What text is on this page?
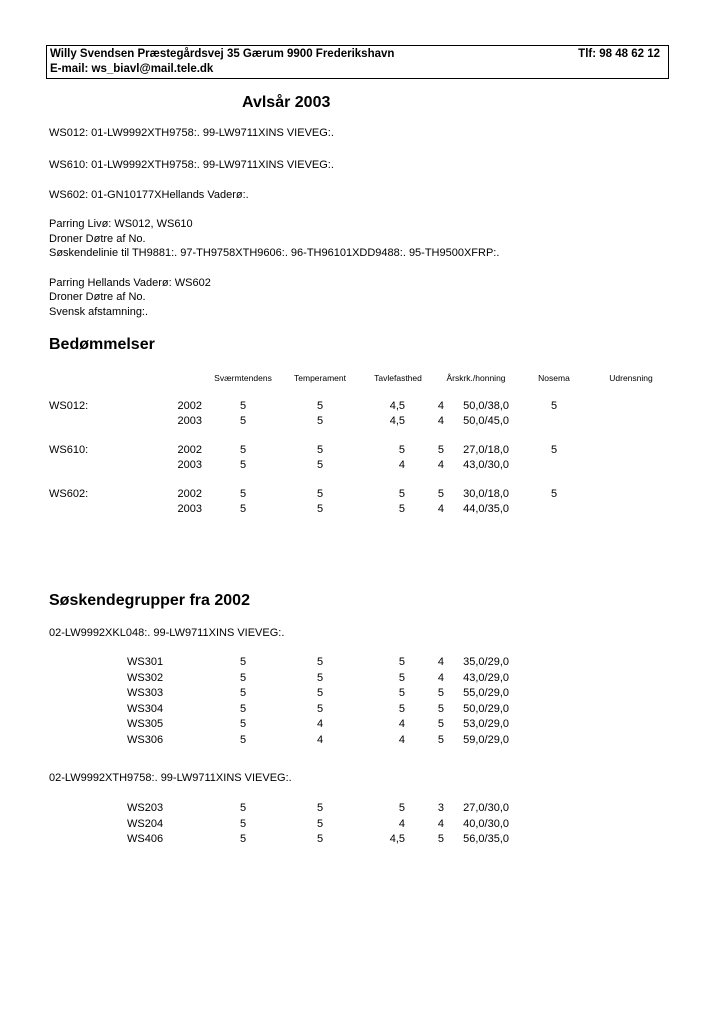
Willy Svendsen Præstegårdsvej 35 Gærum 9900 Frederikshavn	Tlf: 98 48 62 12
E-mail: ws_biavl@mail.tele.dk
Avlsår 2003
WS012: 01-LW9992XTH9758:. 99-LW9711XINS VIEVEG:.
WS610: 01-LW9992XTH9758:. 99-LW9711XINS VIEVEG:.
WS602: 01-GN10177XHellands Vaderø:.
Parring Livø: WS012, WS610
Droner Døtre af No.
Søskendelinie til TH9881:. 97-TH9758XTH9606:. 96-TH96101XDD9488:. 95-TH9500XFRP:.
Parring Hellands Vaderø: WS602
Droner Døtre af No.
Svensk afstamning:.
Bedømmelser
Sværmtendens	Temperament	Tavlefasthed	Årskrk./honning	Nosema	Udrensning
WS012:	2002	5	5	4,5	4 50,0/38,0	5
2003	5	5	4,5	4 50,0/45,0
WS610:	2002	5	5	5	5 27,0/18,0	5
2003	5	5	4	4 43,0/30,0
WS602:	2002	5	5	5	5 30,0/18,0	5
2003	5	5	5	4 44,0/35,0
Søskendegrupper fra 2002
02-LW9992XKL048:. 99-LW9711XINS VIEVEG:.
WS301	5	5	5	4 35,0/29,0
WS302	5	5	5	4 43,0/29,0
WS303	5	5	5	5 55,0/29,0
WS304	5	5	5	5 50,0/29,0
WS305	5	4	4	5 53,0/29,0
WS306	5	4	4	5 59,0/29,0
02-LW9992XTH9758:. 99-LW9711XINS VIEVEG:.
WS203	5	5	5	3 27,0/30,0
WS204	5	5	4	4 40,0/30,0
WS406	5	5	4,5	5 56,0/35,0
